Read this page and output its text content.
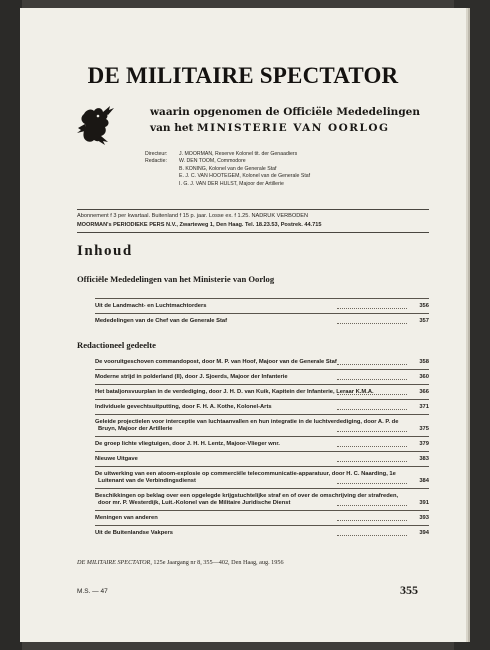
DE MILITAIRE SPECTATOR
waarin opgenomen de Officiële Mededelingen
van het MINISTERIE VAN OORLOG
Directeur:	J. MOORMAN, Reserve Kolonel tit. der Genaadiers
Redactie:	W. DEN TOOM, Commodore
B. KONING, Kolonel van de Generale Staf
E. J. C. VAN HOOTEGEM, Kolonel van de Generale Staf
I. G. J. VAN DER HULST, Majoor der Artillerie
Abonnement f 3 per kwartaal. Buitenland f 15 p. jaar. Losse ex. f 1.25. NADRUK VERBODEN
MOORMAN's PERIODIEKE PERS N.V., Zwarteweg 1, Den Haag. Tel. 18.23.53, Postrek. 44.715
Inhoud
Officiële Mededelingen van het Ministerie van Oorlog
Uit de Landmacht- en Luchtmachtorders	356
Mededelingen van de Chef van de Generale Staf	357
Redactioneel gedeelte
De vooruitgeschoven commandopost, door M. P. van Hoof, Majoor van de Generale Staf	358
Moderne strijd in polderland (II), door J. Sjoerds, Majoor der Infanterie	360
Het bataljonsvuurplan in de verdediging, door J. H. D. van Kuik, Kapitein der Infanterie, Leraar K.M.A.	366
Individuele gevechtsuitputting, door F. H. A. Kothe, Kolonel-Arts	371
Geleide projectielen voor interceptie van luchtaanvallen en hun integratie in de luchtverdediging, door A. P. de Bruyn, Majoor der Artillerie	375
De groep lichte vliegtuigen, door J. H. H. Lentz, Majoor-Vlieger wnr.	379
Nieuwe Uitgave	383
De uitwerking van een atoom-explosie op commerciële telecommunicatie-apparatuur, door H. C. Naarding, 1e Luitenant van de Verbindingsdienst	384
Beschikkingen op beklag over een opgelegde krijgstuchtelijke straf en of over de omschrijving der strafreden, door mr. P. Westerdijk, Luit.-Kolonel van de Militaire Juridische Dienst	391
Meningen van anderen	393
Uit de Buitenlandse Vakpers	394
DE MILITAIRE SPECTATOR, 125e Jaargang nr 8, 355—402, Den Haag, aug. 1956
M.S. — 47	355
